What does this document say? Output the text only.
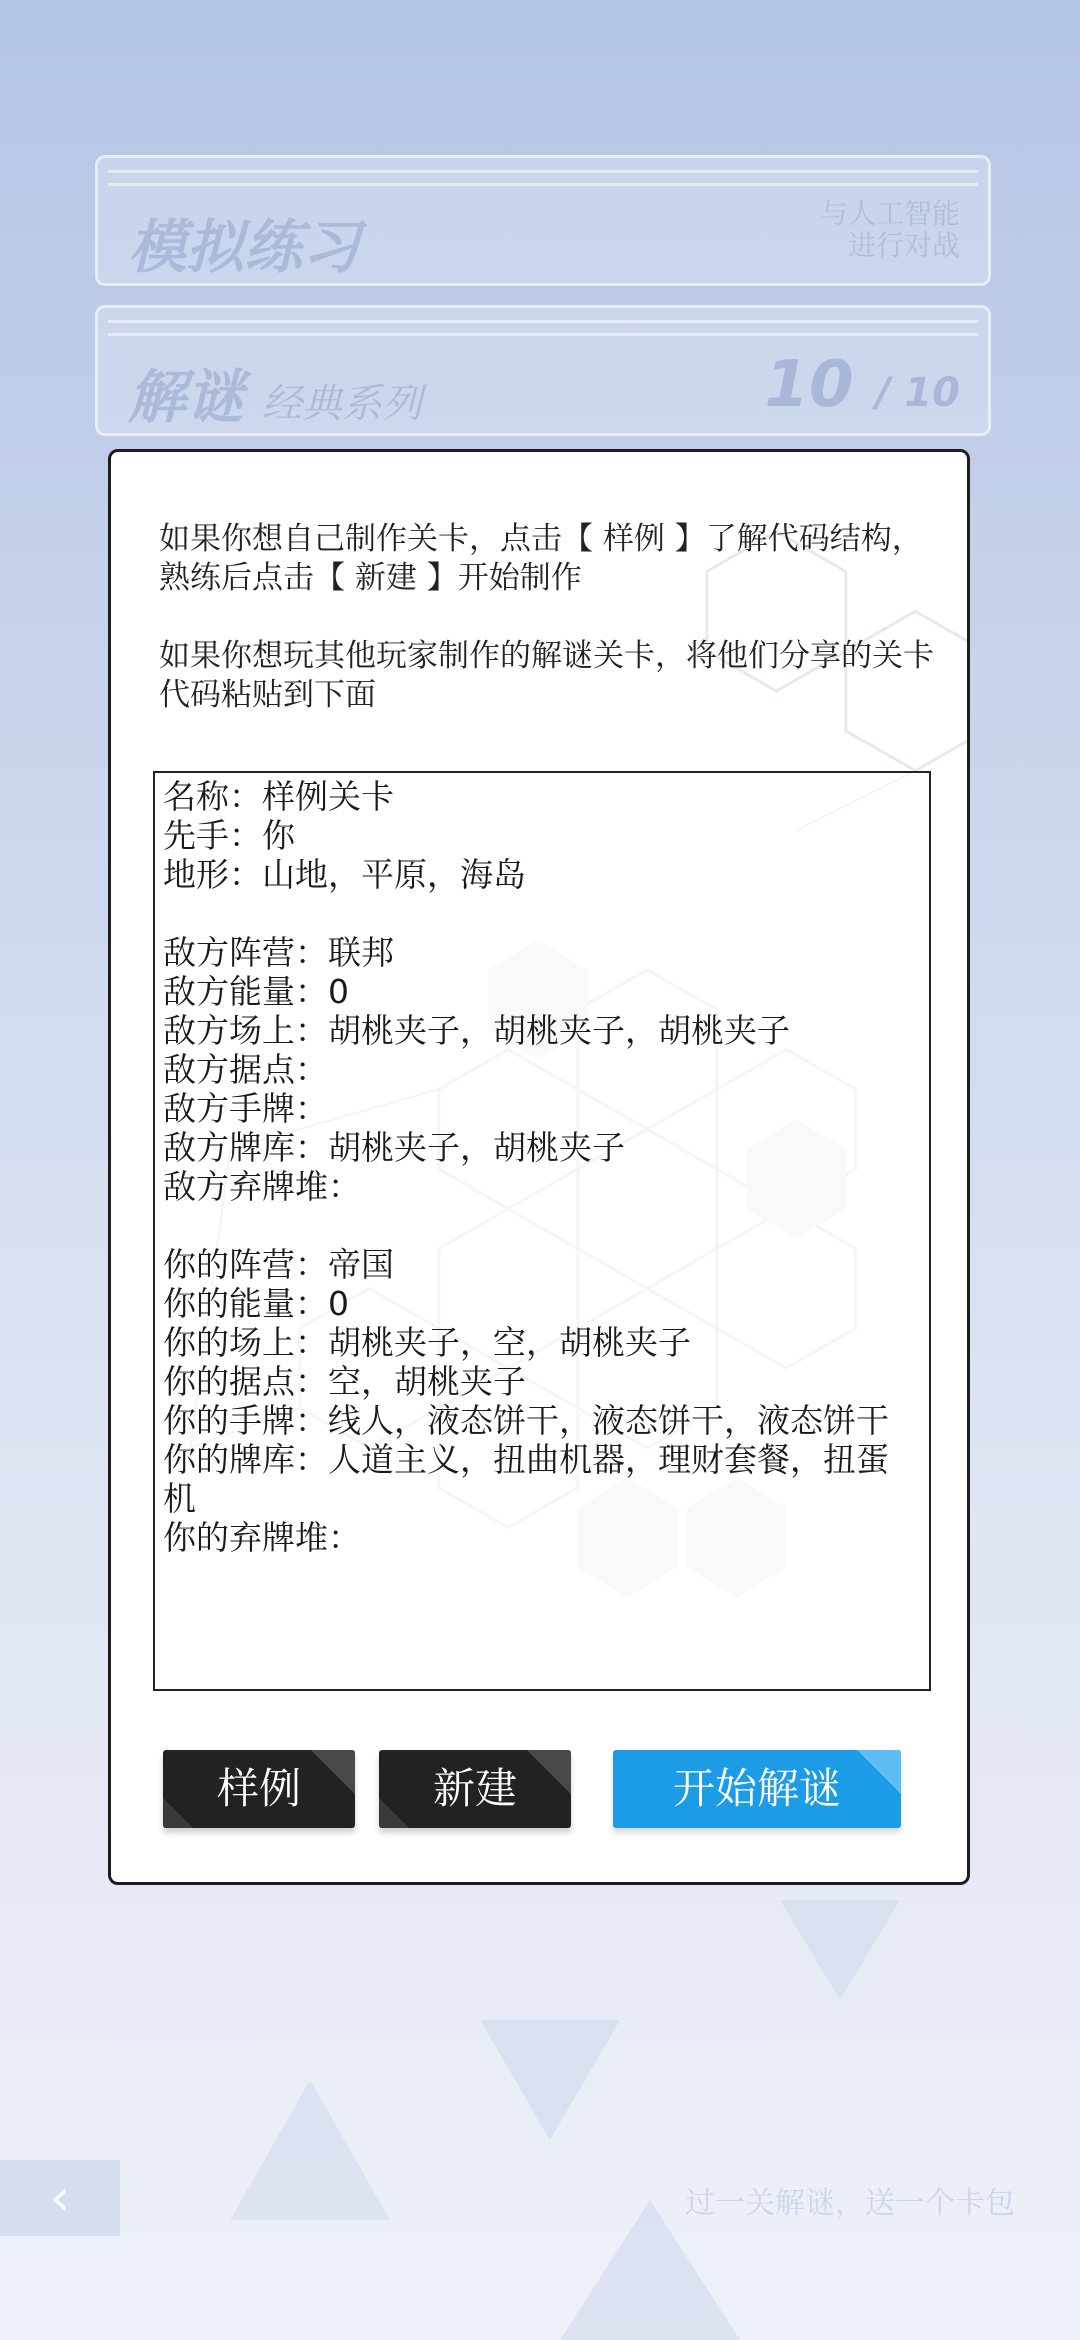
模拟练习	与人工智能
进行对战
解谜 经典系列	10 / 10
‹	过一关解谜，送一个卡包
如果你想自己制作关卡，点击【 样例 】了解代码结构，熟练后点击【 新建 】开始制作
如果你想玩其他玩家制作的解谜关卡，将他们分享的关卡代码粘贴到下面
名称：样例关卡
先手：你
地形：山地，平原，海岛
敌方阵营：联邦
敌方能量：0
敌方场上：胡桃夹子，胡桃夹子，胡桃夹子
敌方据点：
敌方手牌：
敌方牌库：胡桃夹子，胡桃夹子
敌方弃牌堆：
你的阵营：帝国
你的能量：0
你的场上：胡桃夹子，空，胡桃夹子
你的据点：空，胡桃夹子
你的手牌：线人，液态饼干，液态饼干，液态饼干
你的牌库：人道主义，扭曲机器，理财套餐，扭蛋机
你的弃牌堆：
样例	新建	开始解谜
